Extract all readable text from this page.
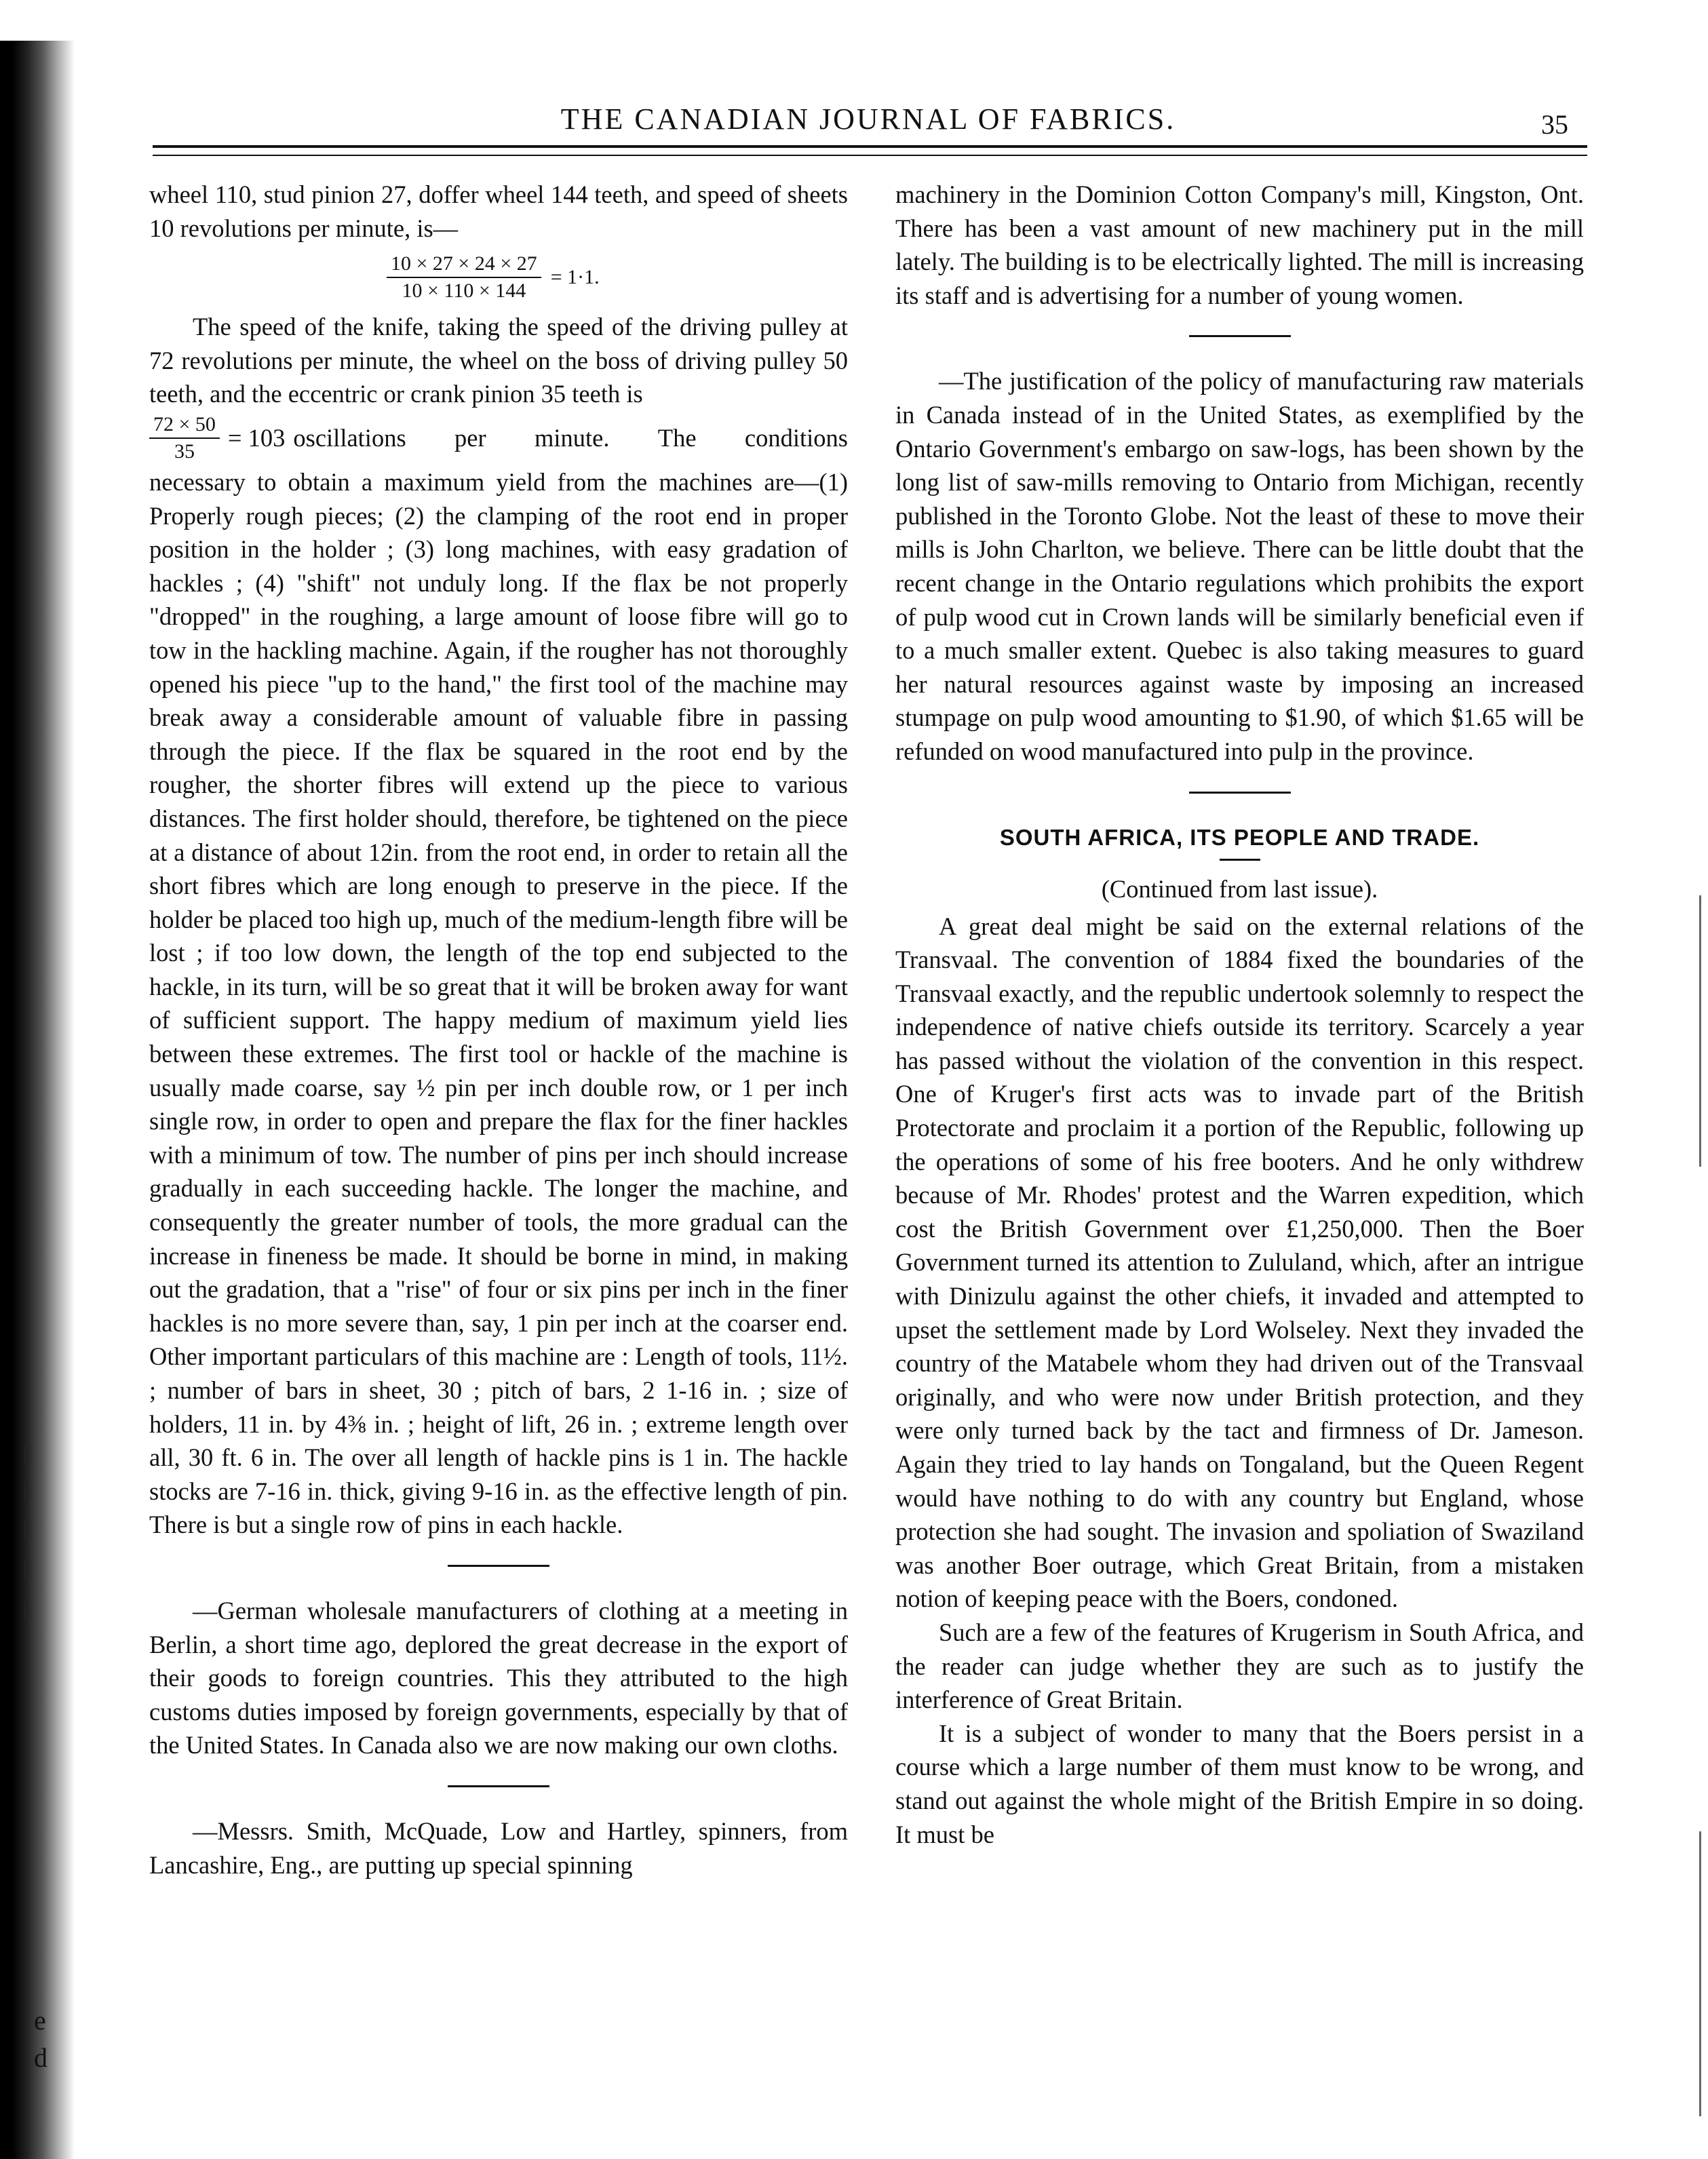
e
d
THE CANADIAN JOURNAL OF FABRICS.	35

wheel 110, stud pinion 27, doffer wheel 144 teeth, and speed of sheets 10 revolutions per minute, is—

$\frac{10 \times 27 \times 24 \times 27}{10 \times 110 \times 144} = 1\cdot 1$.

The speed of the knife, taking the speed of the driving pulley at 72 revolutions per minute, the wheel on the boss of driving pulley 50 teeth, and the eccentric or crank pinion 35 teeth is

$\frac{72 \times 50}{35} = 103$ oscillations per minute. The conditions

necessary to obtain a maximum yield from the machines are—(1) Properly rough pieces; (2) the clamping of the root end in proper position in the holder ; (3) long machines, with easy gradation of hackles ; (4) "shift" not unduly long. If the flax be not properly "dropped" in the roughing, a large amount of loose fibre will go to tow in the hackling machine. Again, if the rougher has not thoroughly opened his piece "up to the hand," the first tool of the machine may break away a considerable amount of valuable fibre in passing through the piece. If the flax be squared in the root end by the rougher, the shorter fibres will extend up the piece to various distances. The first holder should, therefore, be tightened on the piece at a distance of about 12in. from the root end, in order to retain all the short fibres which are long enough to preserve in the piece. If the holder be placed too high up, much of the medium-length fibre will be lost ; if too low down, the length of the top end subjected to the hackle, in its turn, will be so great that it will be broken away for want of sufficient support. The happy medium of maximum yield lies between these extremes. The first tool or hackle of the machine is usually made coarse, say ½ pin per inch double row, or 1 per inch single row, in order to open and prepare the flax for the finer hackles with a minimum of tow. The number of pins per inch should increase gradually in each succeeding hackle. The longer the machine, and consequently the greater number of tools, the more gradual can the increase in fineness be made. It should be borne in mind, in making out the gradation, that a "rise" of four or six pins per inch in the finer hackles is no more severe than, say, 1 pin per inch at the coarser end. Other important particulars of this machine are : Length of tools, 11½. ; number of bars in sheet, 30 ; pitch of bars, 2 1-16 in. ; size of holders, 11 in. by 4⅜ in. ; height of lift, 26 in. ; extreme length over all, 30 ft. 6 in. The over all length of hackle pins is 1 in. The hackle stocks are 7-16 in. thick, giving 9-16 in. as the effective length of pin. There is but a single row of pins in each hackle.

—German wholesale manufacturers of clothing at a meeting in Berlin, a short time ago, deplored the great decrease in the export of their goods to foreign countries. This they attributed to the high customs duties imposed by foreign governments, especially by that of the United States. In Canada also we are now making our own cloths.

—Messrs. Smith, McQuade, Low and Hartley, spinners, from Lancashire, Eng., are putting up special spinning

machinery in the Dominion Cotton Company's mill, Kingston, Ont. There has been a vast amount of new machinery put in the mill lately. The building is to be electrically lighted. The mill is increasing its staff and is advertising for a number of young women.

—The justification of the policy of manufacturing raw materials in Canada instead of in the United States, as exemplified by the Ontario Government's embargo on saw-logs, has been shown by the long list of saw-mills removing to Ontario from Michigan, recently published in the Toronto Globe. Not the least of these to move their mills is John Charlton, we believe. There can be little doubt that the recent change in the Ontario regulations which prohibits the export of pulp wood cut in Crown lands will be similarly beneficial even if to a much smaller extent. Quebec is also taking measures to guard her natural resources against waste by imposing an increased stumpage on pulp wood amounting to $1.90, of which $1.65 will be refunded on wood manufactured into pulp in the province.

SOUTH AFRICA, ITS PEOPLE AND TRADE.
(Continued from last issue).

A great deal might be said on the external relations of the Transvaal. The convention of 1884 fixed the boundaries of the Transvaal exactly, and the republic undertook solemnly to respect the independence of native chiefs outside its territory. Scarcely a year has passed without the violation of the convention in this respect. One of Kruger's first acts was to invade part of the British Protectorate and proclaim it a portion of the Republic, following up the operations of some of his free booters. And he only withdrew because of Mr. Rhodes' protest and the Warren expedition, which cost the British Government over £1,250,000. Then the Boer Government turned its attention to Zululand, which, after an intrigue with Dinizulu against the other chiefs, it invaded and attempted to upset the settlement made by Lord Wolseley. Next they invaded the country of the Matabele whom they had driven out of the Transvaal originally, and who were now under British protection, and they were only turned back by the tact and firmness of Dr. Jameson. Again they tried to lay hands on Tongaland, but the Queen Regent would have nothing to do with any country but England, whose protection she had sought. The invasion and spoliation of Swaziland was another Boer outrage, which Great Britain, from a mistaken notion of keeping peace with the Boers, condoned.

Such are a few of the features of Krugerism in South Africa, and the reader can judge whether they are such as to justify the interference of Great Britain.

It is a subject of wonder to many that the Boers persist in a course which a large number of them must know to be wrong, and stand out against the whole might of the British Empire in so doing. It must be
